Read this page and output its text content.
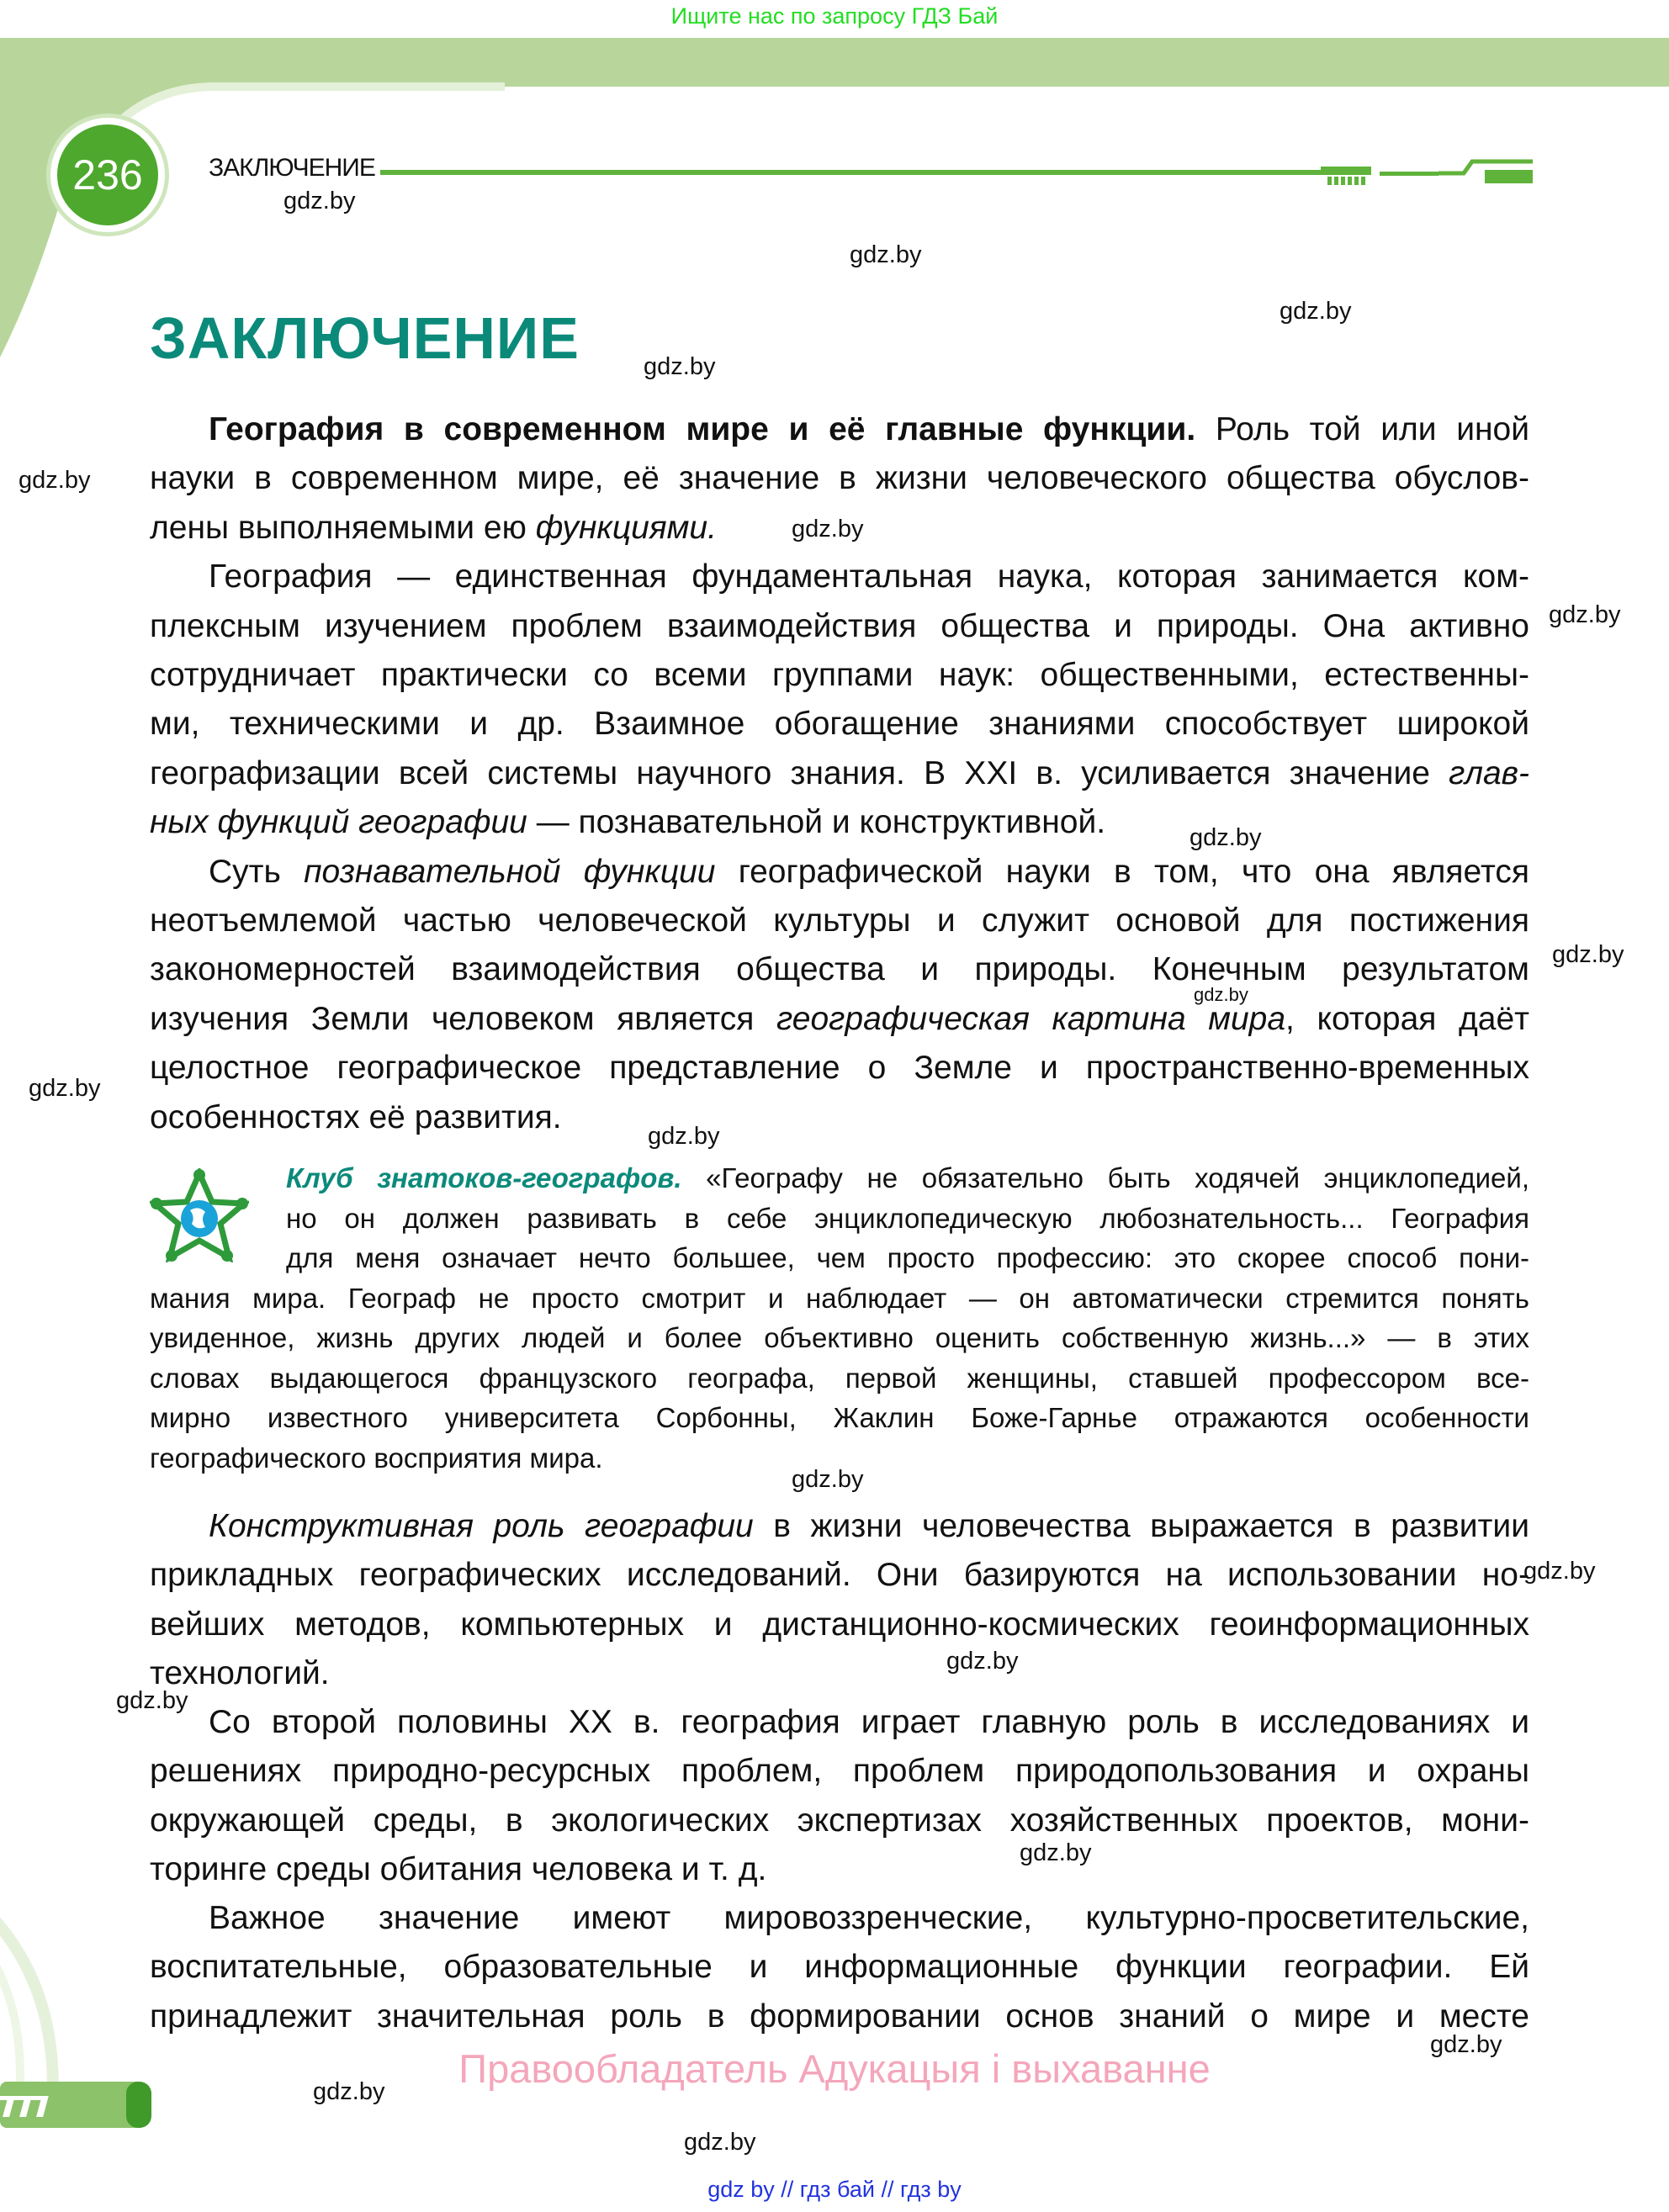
Ищите нас по запросу ГДЗ Бай
236	ЗАКЛЮЧЕНИЕ
ЗАКЛЮЧЕНИЕ
География в современном мире и её главные функции. Роль той или иной
науки в современном мире, её значение в жизни человеческого общества обуслов-
лены выполняемыми ею функциями.
География — единственная фундаментальная наука, которая занимается ком-
плексным изучением проблем взаимодействия общества и природы. Она активно
сотрудничает практически со всеми группами наук: общественными, естественны-
ми, техническими и др. Взаимное обогащение знаниями способствует широкой
географизации всей системы научного знания. В XXI в. усиливается значение глав-
ных функций географии — познавательной и конструктивной.
Суть познавательной функции географической науки в том, что она является
неотъемлемой частью человеческой культуры и служит основой для постижения
закономерностей взаимодействия общества и природы. Конечным результатом
изучения Земли человеком является географическая картина мира, которая даёт
целостное географическое представление о Земле и пространственно-временных
особенностях её развития.
Клуб знатоков-географов. «Географу не обязательно быть ходячей энциклопедией,
но он должен развивать в себе энциклопедическую любознательность... География
для меня означает нечто большее, чем просто профессию: это скорее способ пони-
мания мира. Географ не просто смотрит и наблюдает — он автоматически стремится понять
увиденное, жизнь других людей и более объективно оценить собственную жизнь...» — в этих
словах выдающегося французского географа, первой женщины, ставшей профессором все-
мирно известного университета Сорбонны, Жаклин Боже-Гарнье отражаются особенности
географического восприятия мира.
Конструктивная роль географии в жизни человечества выражается в развитии
прикладных географических исследований. Они базируются на использовании но-
вейших методов, компьютерных и дистанционно-космических геоинформационных
технологий.
Со второй половины XX в. география играет главную роль в исследованиях и
решениях природно-ресурсных проблем, проблем природопользования и охраны
окружающей среды, в экологических экспертизах хозяйственных проектов, мони-
торинге среды обитания человека и т. д.
Важное значение имеют мировоззренческие, культурно-просветительские,
воспитательные, образовательные и информационные функции географии. Ей
принадлежит значительная роль в формировании основ знаний о мире и месте
Правообладатель Адукацыя і выхаванне
gdz by // гдз бай // гдз by
gdz.by
gdz.by
gdz.by
gdz.by
gdz.by
gdz.by
gdz.by
gdz.by
gdz.by
gdz.by
gdz.by
gdz.by
gdz.by
gdz.by
gdz.by
gdz.by
gdz.by
gdz.by
gdz.by
gdz.by
